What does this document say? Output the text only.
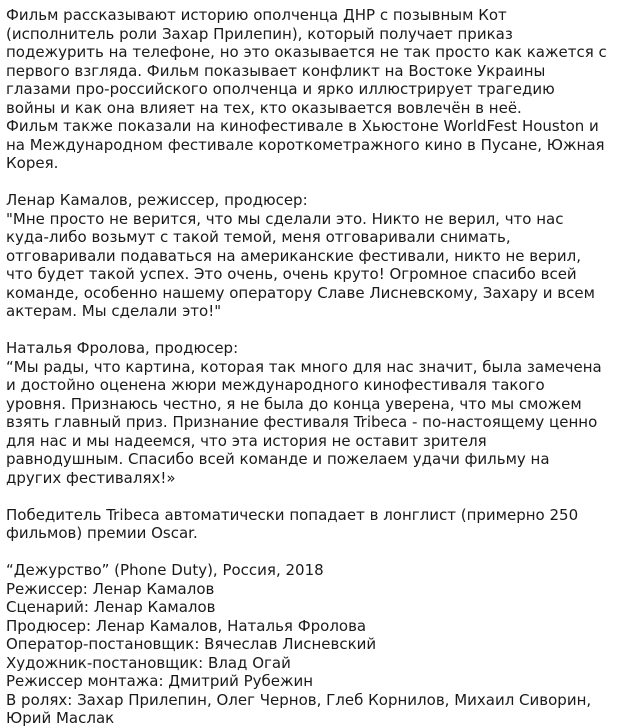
Фильм рассказывают историю ополченца ДНР с позывным Кот
(исполнитель роли Захар Прилепин), который получает приказ
подежурить на телефоне, но это оказывается не так просто как кажется с
первого взгляда. Фильм показывает конфликт на Востоке Украины
глазами про-российского ополченца и ярко иллюстрирует трагедию
войны и как она влияет на тех, кто оказывается вовлечён в неё.
Фильм также показали на кинофестивале в Хьюстоне WorldFest Houston и
на Международном фестивале короткометражного кино в Пусане, Южная
Корея.

Ленар Камалов, режиссер, продюсер:

"Мне просто не верится, что мы сделали это. Никто не верил, что нас
куда-либо возьмут с такой темой, меня отговаривали снимать,
отговаривали подаваться на американские фестивали, никто не верил,
что будет такой успех. Это очень, очень круто! Огромное спасибо всей
команде, особенно нашему оператору Славе Лисневскому, Захару и всем
актерам. Мы сделали это!"

Наталья Фролова, продюсер:

“Мы рады, что картина, которая так много для нас значит, была замечена
и достойно оценена жюри международного кинофестиваля такого
уровня. Признаюсь честно, я не была до конца уверена, что мы сможем
взять главный приз. Признание фестиваля Tribeca - по-настоящему ценно
для нас и мы надеемся, что эта история не оставит зрителя
равнодушным. Спасибо всей команде и пожелаем удачи фильму на
других фестивалях!»

Победитель Tribeca автоматически попадает в лонглист (примерно 250
фильмов) премии Oscar.

“Дежурство” (Phone Duty), Россия, 2018

Режиссер: Ленар Камалов

Сценарий: Ленар Камалов

Продюсер: Ленар Камалов, Наталья Фролова

Оператор-постановщик: Вячеслав Лисневский

Художник-постановщик: Влад Огай

Режиссер монтажа: Дмитрий Рубежин

В ролях: Захар Прилепин, Олег Чернов, Глеб Корнилов, Михаил Сиворин,
Юрий Маслак
